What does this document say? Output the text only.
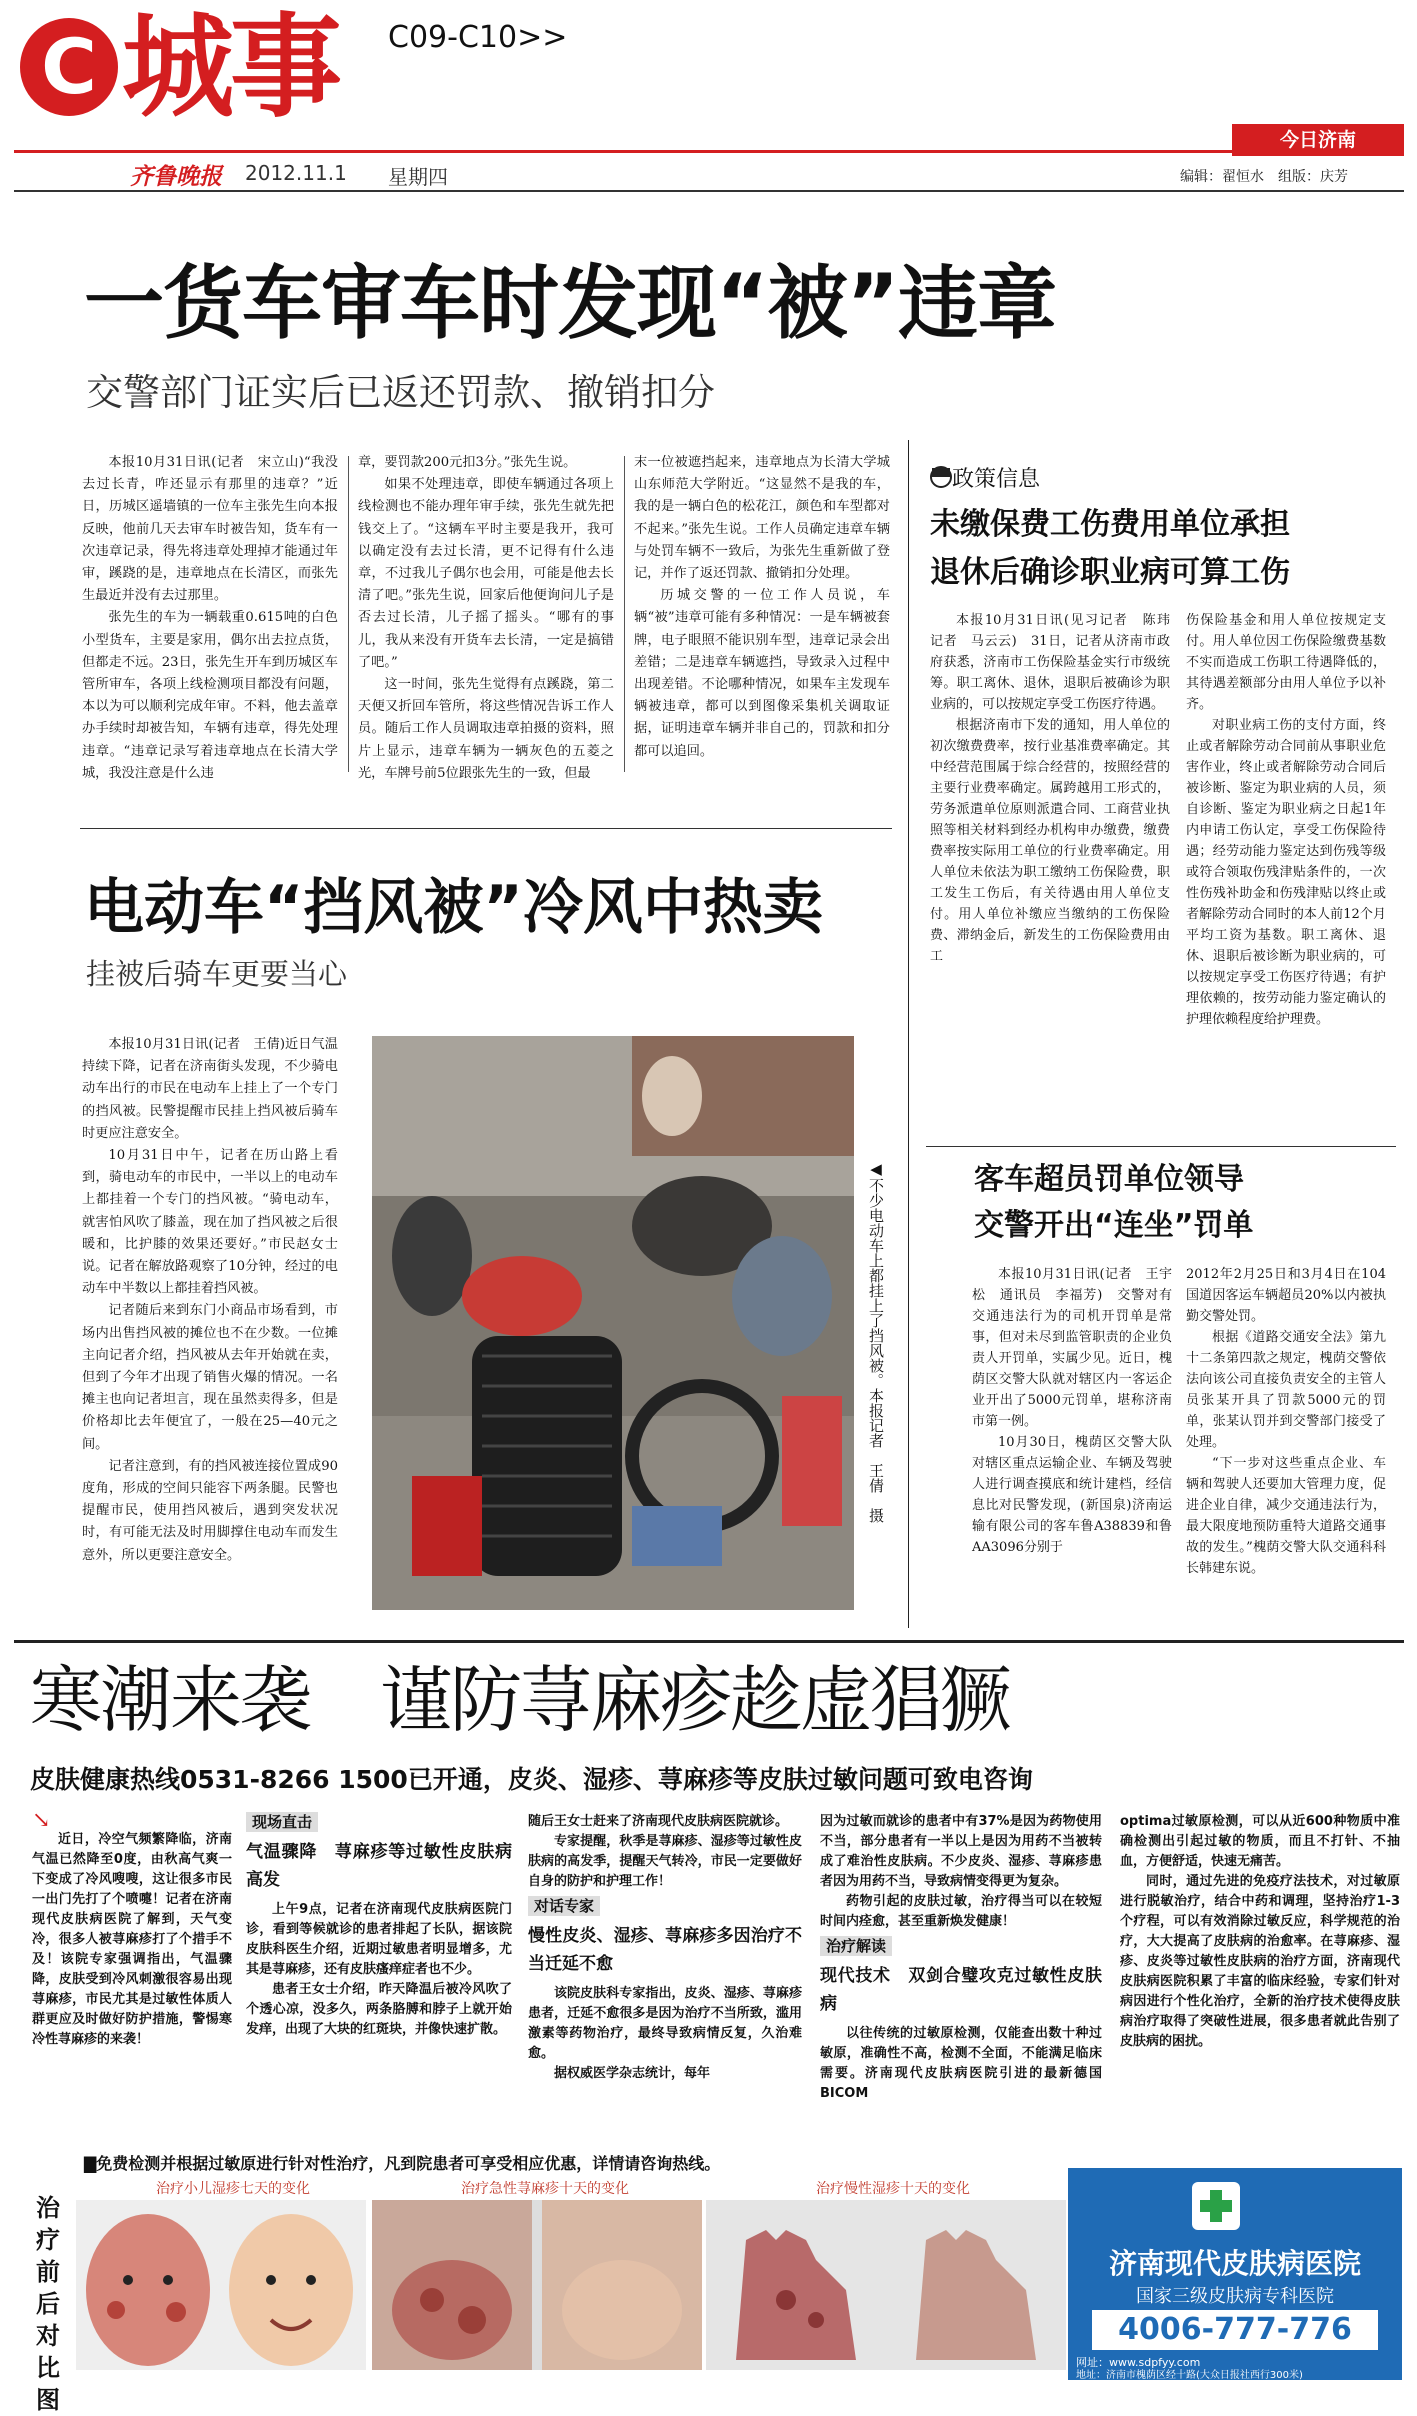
C 城事 C09-C10>>
今日济南
齐鲁晚报 2012.11.1 星期四	编辑：翟恒水　组版：庆芳
一货车审车时发现“被”违章
交警部门证实后已返还罚款、撤销扣分

本报10月31日讯(记者　宋立山)“我没去过长青，咋还显示有那里的违章？”近日，历城区遥墙镇的一位车主张先生向本报反映，他前几天去审车时被告知，货车有一次违章记录，得先将违章处理掉才能通过年审，蹊跷的是，违章地点在长清区，而张先生最近并没有去过那里。

张先生的车为一辆载重0.615吨的白色小型货车，主要是家用，偶尔出去拉点货，但都走不远。23日，张先生开车到历城区车管所审车，各项上线检测项目都没有问题，本以为可以顺利完成年审。不料，他去盖章办手续时却被告知，车辆有违章，得先处理违章。“违章记录写着违章地点在长清大学城，我没注意是什么违

章，要罚款200元扣3分。”张先生说。

如果不处理违章，即使车辆通过各项上线检测也不能办理年审手续，张先生就先把钱交上了。“这辆车平时主要是我开，我可以确定没有去过长清，更不记得有什么违章，不过我儿子偶尔也会用，可能是他去长清了吧。”张先生说，回家后他便询问儿子是否去过长清，儿子摇了摇头。“哪有的事儿，我从来没有开货车去长清，一定是搞错了吧。”

这一时间，张先生觉得有点蹊跷，第二天便又折回车管所，将这些情况告诉工作人员。随后工作人员调取违章拍摄的资料，照片上显示，违章车辆为一辆灰色的五菱之光，车牌号前5位跟张先生的一致，但最

末一位被遮挡起来，违章地点为长清大学城山东师范大学附近。“这显然不是我的车，我的是一辆白色的松花江，颜色和车型都对不起来。”张先生说。工作人员确定违章车辆与处罚车辆不一致后，为张先生重新做了登记，并作了返还罚款、撤销扣分处理。

历城交警的一位工作人员说，车辆“被”违章可能有多种情况：一是车辆被套牌，电子眼照不能识别车型，违章记录会出差错；二是违章车辆遮挡，导致录入过程中出现差错。不论哪种情况，如果车主发现车辆被违章，都可以到图像采集机关调取证据，证明违章车辆并非自己的，罚款和扣分都可以追回。

电动车“挡风被”冷风中热卖
挂被后骑车更要当心

本报10月31日讯(记者　王倩)近日气温持续下降，记者在济南街头发现，不少骑电动车出行的市民在电动车上挂上了一个专门的挡风被。民警提醒市民挂上挡风被后骑车时更应注意安全。

10月31日中午，记者在历山路上看到，骑电动车的市民中，一半以上的电动车上都挂着一个专门的挡风被。“骑电动车，就害怕风吹了膝盖，现在加了挡风被之后很暖和，比护膝的效果还要好。”市民赵女士说。记者在解放路观察了10分钟，经过的电动车中半数以上都挂着挡风被。

记者随后来到东门小商品市场看到，市场内出售挡风被的摊位也不在少数。一位摊主向记者介绍，挡风被从去年开始就在卖，但到了今年才出现了销售火爆的情况。一名摊主也向记者坦言，现在虽然卖得多，但是价格却比去年便宜了，一般在25—40元之间。

记者注意到，有的挡风被连接位置成90度角，形成的空间只能容下两条腿。民警也提醒市民，使用挡风被后，遇到突发状况时，有可能无法及时用脚撑住电动车而发生意外，所以更要注意安全。

◀不少电动车上都挂上了挡风被。本报记者　王倩　摄
政策信息
未缴保费工伤费用单位承担
退休后确诊职业病可算工伤

本报10月31日讯(见习记者　陈玮　记者　马云云)　31日，记者从济南市政府获悉，济南市工伤保险基金实行市级统筹。职工离休、退休，退职后被确诊为职业病的，可以按规定享受工伤医疗待遇。

根据济南市下发的通知，用人单位的初次缴费费率，按行业基准费率确定。其中经营范围属于综合经营的，按照经营的主要行业费率确定。属跨越用工形式的，劳务派遣单位原则派遣合同、工商营业执照等相关材料到经办机构申办缴费，缴费费率按实际用工单位的行业费率确定。用人单位未依法为职工缴纳工伤保险费，职工发生工伤后，有关待遇由用人单位支付。用人单位补缴应当缴纳的工伤保险费、滞纳金后，新发生的工伤保险费用由工

伤保险基金和用人单位按规定支付。用人单位因工伤保险缴费基数不实而造成工伤职工待遇降低的，其待遇差额部分由用人单位予以补齐。

对职业病工伤的支付方面，终止或者解除劳动合同前从事职业危害作业，终止或者解除劳动合同后被诊断、鉴定为职业病的人员，须自诊断、鉴定为职业病之日起1年内申请工伤认定，享受工伤保险待遇；经劳动能力鉴定达到伤残等级或符合领取伤残津贴条件的，一次性伤残补助金和伤残津贴以终止或者解除劳动合同时的本人前12个月平均工资为基数。职工离休、退休、退职后被诊断为职业病的，可以按规定享受工伤医疗待遇；有护理依赖的，按劳动能力鉴定确认的护理依赖程度给护理费。

客车超员罚单位领导
交警开出“连坐”罚单

本报10月31日讯(记者　王宇松　通讯员　李福芳)　交警对有交通违法行为的司机开罚单是常事，但对未尽到监管职责的企业负责人开罚单，实属少见。近日，槐荫区交警大队就对辖区内一客运企业开出了5000元罚单，堪称济南市第一例。

10月30日，槐荫区交警大队对辖区重点运输企业、车辆及驾驶人进行调查摸底和统计建档，经信息比对民警发现，(新国泉)济南运输有限公司的客车鲁A38839和鲁AA3096分别于

2012年2月25日和3月4日在104国道因客运车辆超员20%以内被执勤交警处罚。

根据《道路交通安全法》第九十二条第四款之规定，槐荫交警依法向该公司直接负责安全的主管人员张某开具了罚款5000元的罚单，张某认罚并到交警部门接受了处理。

“下一步对这些重点企业、车辆和驾驶人还要加大管理力度，促进企业自律，减少交通违法行为，最大限度地预防重特大道路交通事故的发生。”槐荫交警大队交通科科长韩建东说。

寒潮来袭　谨防荨麻疹趁虚猖獗
皮肤健康热线0531-8266 1500已开通，皮炎、湿疹、荨麻疹等皮肤过敏问题可致电咨询
↘

近日，冷空气频繁降临，济南气温已然降至0度，由秋高气爽一下变成了冷风嗖嗖，这让很多市民一出门先打了个喷嚏！记者在济南现代皮肤病医院了解到，天气变冷，很多人被荨麻疹打了个措手不及！该院专家强调指出，气温骤降，皮肤受到冷风刺激很容易出现荨麻疹，市民尤其是过敏性体质人群更应及时做好防护措施，警惕寒冷性荨麻疹的来袭！

现场直击
气温骤降　荨麻疹等过敏性皮肤病高发

上午9点，记者在济南现代皮肤病医院门诊，看到等候就诊的患者排起了长队，据该院皮肤科医生介绍，近期过敏患者明显增多，尤其是荨麻疹，还有皮肤瘙痒症者也不少。

患者王女士介绍，昨天降温后被冷风吹了个透心凉，没多久，两条胳膊和脖子上就开始发痒，出现了大块的红斑块，并像快速扩散。

随后王女士赶来了济南现代皮肤病医院就诊。

专家提醒，秋季是荨麻疹、湿疹等过敏性皮肤病的高发季，提醒天气转冷，市民一定要做好自身的防护和护理工作！

对话专家
慢性皮炎、湿疹、荨麻疹多因治疗不当迁延不愈

该院皮肤科专家指出，皮炎、湿疹、荨麻疹患者，迁延不愈很多是因为治疗不当所致，滥用激素等药物治疗，最终导致病情反复，久治难愈。

据权威医学杂志统计，每年

因为过敏而就诊的患者中有37%是因为药物使用不当，部分患者有一半以上是因为用药不当被转成了难治性皮肤病。不少皮炎、湿疹、荨麻疹患者因为用药不当，导致病情变得更为复杂。

药物引起的皮肤过敏，治疗得当可以在较短时间内痊愈，甚至重新焕发健康！

治疗解读
现代技术　双剑合璧攻克过敏性皮肤病

以往传统的过敏原检测，仅能查出数十种过敏原，准确性不高，检测不全面，不能满足临床需要。济南现代皮肤病医院引进的最新德国BICOM

optima过敏原检测，可以从近600种物质中准确检测出引起过敏的物质，而且不打针、不抽血，方便舒适，快速无痛苦。

同时，通过先进的免疫疗法技术，对过敏原进行脱敏治疗，结合中药和调理，坚持治疗1-3个疗程，可以有效消除过敏反应，科学规范的治疗，大大提高了皮肤病的治愈率。在荨麻疹、湿疹、皮炎等过敏性皮肤病的治疗方面，济南现代皮肤病医院积累了丰富的临床经验，专家们针对病因进行个性化治疗，全新的治疗技术使得皮肤病治疗取得了突破性进展，很多患者就此告别了皮肤病的困扰。

▇免费检测并根据过敏原进行针对性治疗，凡到院患者可享受相应优惠，详情请咨询热线。
治疗前后对比图
治疗小儿湿疹七天的变化	治疗急性荨麻疹十天的变化	治疗慢性湿疹十天的变化
济南现代皮肤病医院
国家三级皮肤病专科医院
4006-777-776
网址：www.sdpfyy.com
地址：济南市槐荫区经十路(大众日报社西行300米)
